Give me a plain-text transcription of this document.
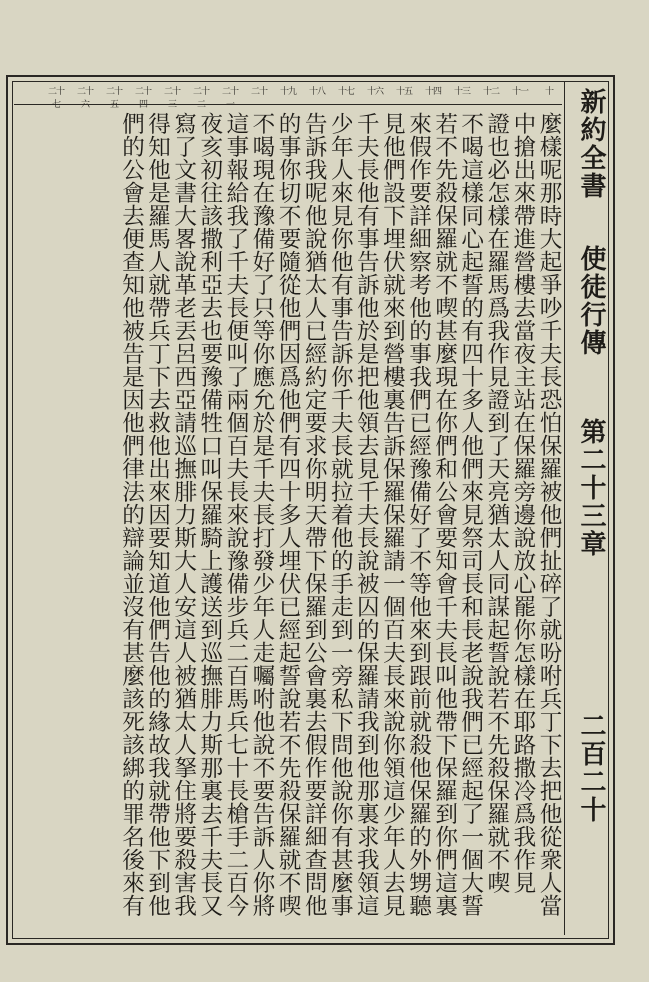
十
十一
十二
十三
十四
十五
十六
十七
十八
十九
二十
二十一
二十二
二十三
二十四
二十五
二十六
二十七
麼樣呢那時大起爭吵千夫長恐怕保羅被他們扯碎了就吩咐兵丁下去把他從衆人當
中搶出來帶進營樓去當夜主站在保羅旁邊說放心罷你怎樣在耶路撒冷爲我作見
證也必怎樣在羅馬爲我作見證到了天亮猶太人同謀起誓說若不先殺保羅就不喫
不喝這樣同心起誓的有四十多人他們來見祭司長和長老說我們已經起了一個大誓
若不先殺保羅就不喫甚麼現在你們和公會要知會千夫長叫他帶下保羅到你們這裏
來假作要詳細察考他的事我們已經豫備好了不等他來到跟前就殺他保羅的外甥聽
見他們設下埋伏就來到營樓裏告訴保羅保羅請一個百夫長來說你領這少年人去見
千夫長他有事告訴他於是把他領去見千夫長說被囚的保羅請我到他那裏求我領這
少年人來見你他有事告訴你千夫長就拉着他的手走到一旁私下問他說你有甚麼事
告訴我呢他說猶太人已經約定要求你明天帶下保羅到公會裏去假作要詳細查問他
的事你切不要隨從他們因爲他們有四十多人埋伏已經起誓說若不先殺保羅就不喫
不喝現在豫備好了只等你應允於是千夫長打發少年人走囑咐他說不要告訴人你將
這事報給我了千夫長便叫了兩個百夫長來說豫備步兵二百馬兵七十長槍手二百今
夜亥初往該撒利亞去也要豫備牲口叫保羅騎上護送到巡撫腓力斯那裏去千夫長又
寫了文書大畧說革老丟呂西亞請巡撫腓力斯大人安這人被猶太人拏住將要殺害我
得知他是羅馬人就帶兵丁下去救他出來因要知道他們告他的緣故我就帶他下到他
們的公會去便查知他被告是因他們律法的辯論並沒有甚麼該死該綁的罪名後來有	新約全書
使徒行傳
第二十三章
二百二十
